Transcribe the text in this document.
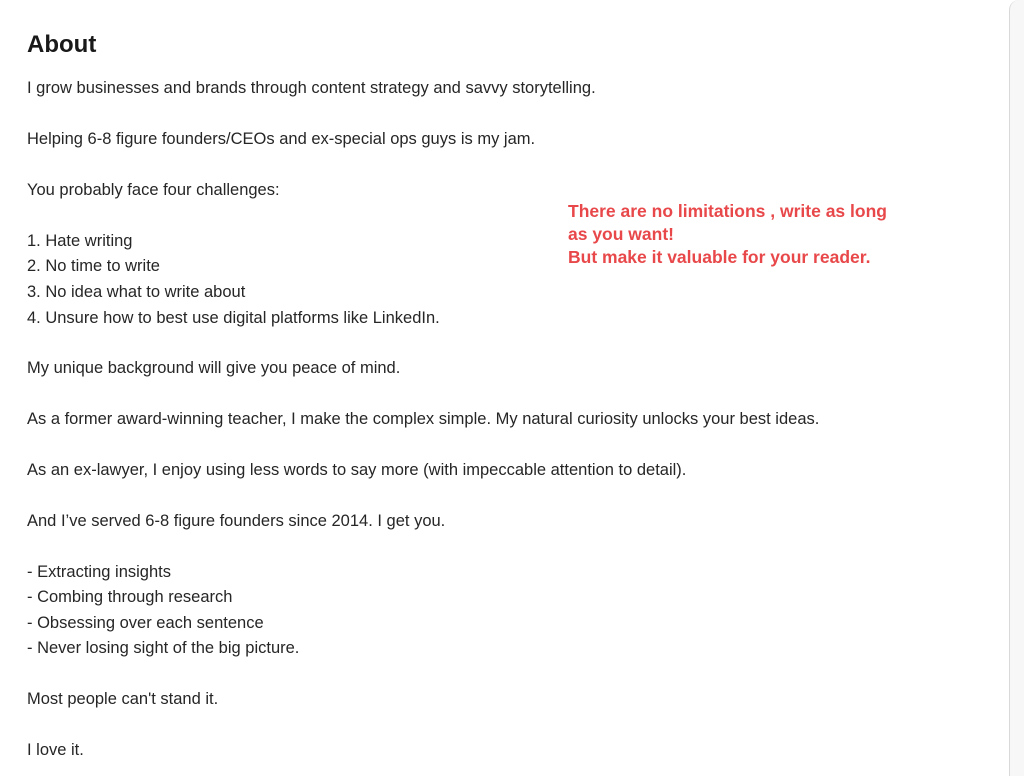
About

I grow businesses and brands through content strategy and savvy storytelling.

Helping 6-8 figure founders/CEOs and ex-special ops guys is my jam.

You probably face four challenges:

1. Hate writing

2. No time to write

3. No idea what to write about

4. Unsure how to best use digital platforms like LinkedIn.

My unique background will give you peace of mind.

As a former award-winning teacher, I make the complex simple. My natural curiosity unlocks your best ideas.

As an ex-lawyer, I enjoy using less words to say more (with impeccable attention to detail).

And I’ve served 6-8 figure founders since 2014. I get you.

- Extracting insights

- Combing through research

- Obsessing over each sentence

- Never losing sight of the big picture.

Most people can't stand it.

I love it.

There are no limitations , write as long
as you want!
But make it valuable for your reader.
